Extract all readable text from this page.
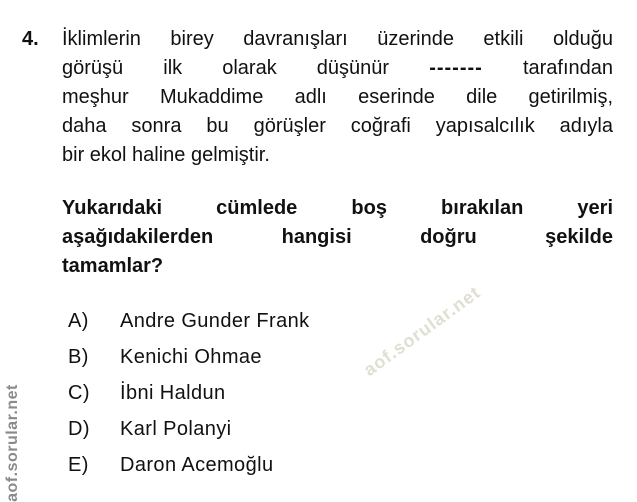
4. İklimlerin birey davranışları üzerinde etkili olduğu
görüşü ilk olarak düşünür ------- tarafından
meşhur Mukaddime adlı eserinde dile getirilmiş,
daha sonra bu görüşler coğrafi yapısalcılık adıyla
bir ekol haline gelmiştir.
Yukarıdaki cümlede boş bırakılan yeri
aşağıdakilerden hangisi doğru şekilde
tamamlar?
A)	Andre Gunder Frank
B)	Kenichi Ohmae
C)	İbni Haldun
D)	Karl Polanyi
E)	Daron Acemoğlu
aof.sorular.net
aof.sorular.net
